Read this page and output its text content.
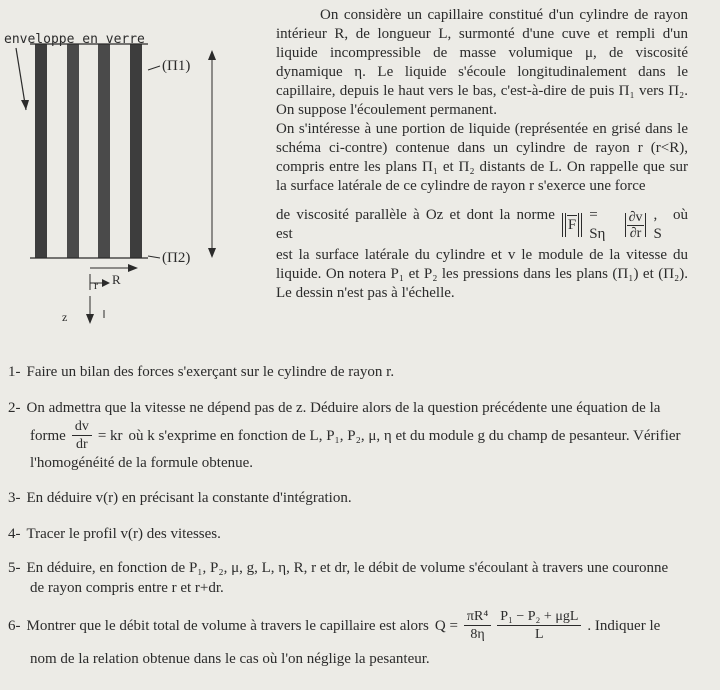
enveloppe en verre
(Π1)
(Π2)
r R
z

On considère un capillaire constitué d'un cylindre de rayon intérieur R, de longueur L, surmonté d'une cuve et rempli d'un liquide incompressible de masse volumique μ, de viscosité dynamique η. Le liquide s'écoule longitudinalement dans le capillaire, depuis le haut vers le bas, c'est-à-dire de puis Π₁ vers Π₂. On suppose l'écoulement permanent.

On s'intéresse à une portion de liquide (représentée en grisé dans le schéma ci-contre) contenue dans un cylindre de rayon r (r<R), compris entre les plans Π₁ et Π₂ distants de L. On rappelle que sur la surface latérale de ce cylindre de rayon r s'exerce une force

de viscosité parallèle à Oz et dont la norme est
F
= Sη	$\frac{\partial v}{\partial r}$ , où S

est la surface latérale du cylindre et v le module de la vitesse du liquide. On notera P₁ et P₂ les pressions dans les plans (Π₁) et (Π₂). Le dessin n'est pas à l'échelle.

1- Faire un bilan des forces s'exerçant sur le cylindre de rayon r.
2- On admettra que la vitesse ne dépend pas de z. Déduire alors de la question précédente une équation de la
forme $\frac{dv}{dr}$ = kr où k s'exprime en fonction de L, P₁, P₂, μ, η et du module g du champ de pesanteur. Vérifier
l'homogénéité de la formule obtenue.
3- En déduire v(r) en précisant la constante d'intégration.
4- Tracer le profil v(r) des vitesses.
5- En déduire, en fonction de P₁, P₂, μ, g, L, η, R, r et dr, le débit de volume s'écoulant à travers une couronne
de rayon compris entre r et r+dr.
6- Montrer que le débit total de volume à travers le capillaire est alors $Q = \frac{\text{πR⁴}}{8\eta} \frac{\text{P₁ − P₂ + μgL}}{L}$ . Indiquer le
nom de la relation obtenue dans le cas où l'on néglige la pesanteur.
